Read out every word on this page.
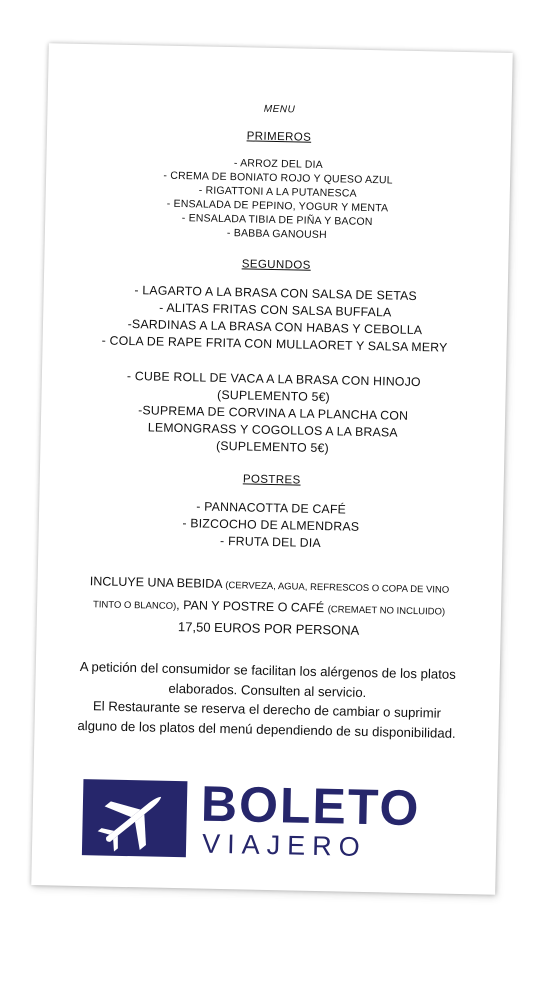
MENU
PRIMEROS
- ARROZ DEL DIA
- CREMA DE BONIATO ROJO Y QUESO AZUL
- RIGATTONI A LA PUTANESCA
- ENSALADA DE PEPINO, YOGUR Y MENTA
- ENSALADA TIBIA DE PIÑA Y BACON
- BABBA GANOUSH
SEGUNDOS
- LAGARTO A LA BRASA CON SALSA DE SETAS
- ALITAS FRITAS CON SALSA BUFFALA
-SARDINAS A LA BRASA CON HABAS Y CEBOLLA
- COLA DE RAPE FRITA CON MULLAORET Y SALSA MERY
- CUBE ROLL DE VACA A LA BRASA CON HINOJO
(SUPLEMENTO 5€)
-SUPREMA DE CORVINA A LA PLANCHA CON
LEMONGRASS Y COGOLLOS A LA BRASA
(SUPLEMENTO 5€)
POSTRES
- PANNACOTTA DE CAFÉ
- BIZCOCHO DE ALMENDRAS
- FRUTA DEL DIA
INCLUYE UNA BEBIDA (CERVEZA, AGUA, REFRESCOS O COPA DE VINO TINTO O BLANCO), PAN Y POSTRE O CAFÉ (CREMAET NO INCLUIDO)
17,50 EUROS POR PERSONA

A petición del consumidor se facilitan los alérgenos de los platos elaborados. Consulten al servicio.

El Restaurante se reserva el derecho de cambiar o suprimir alguno de los platos del menú dependiendo de su disponibilidad.

BOLETO
VIAJERO
